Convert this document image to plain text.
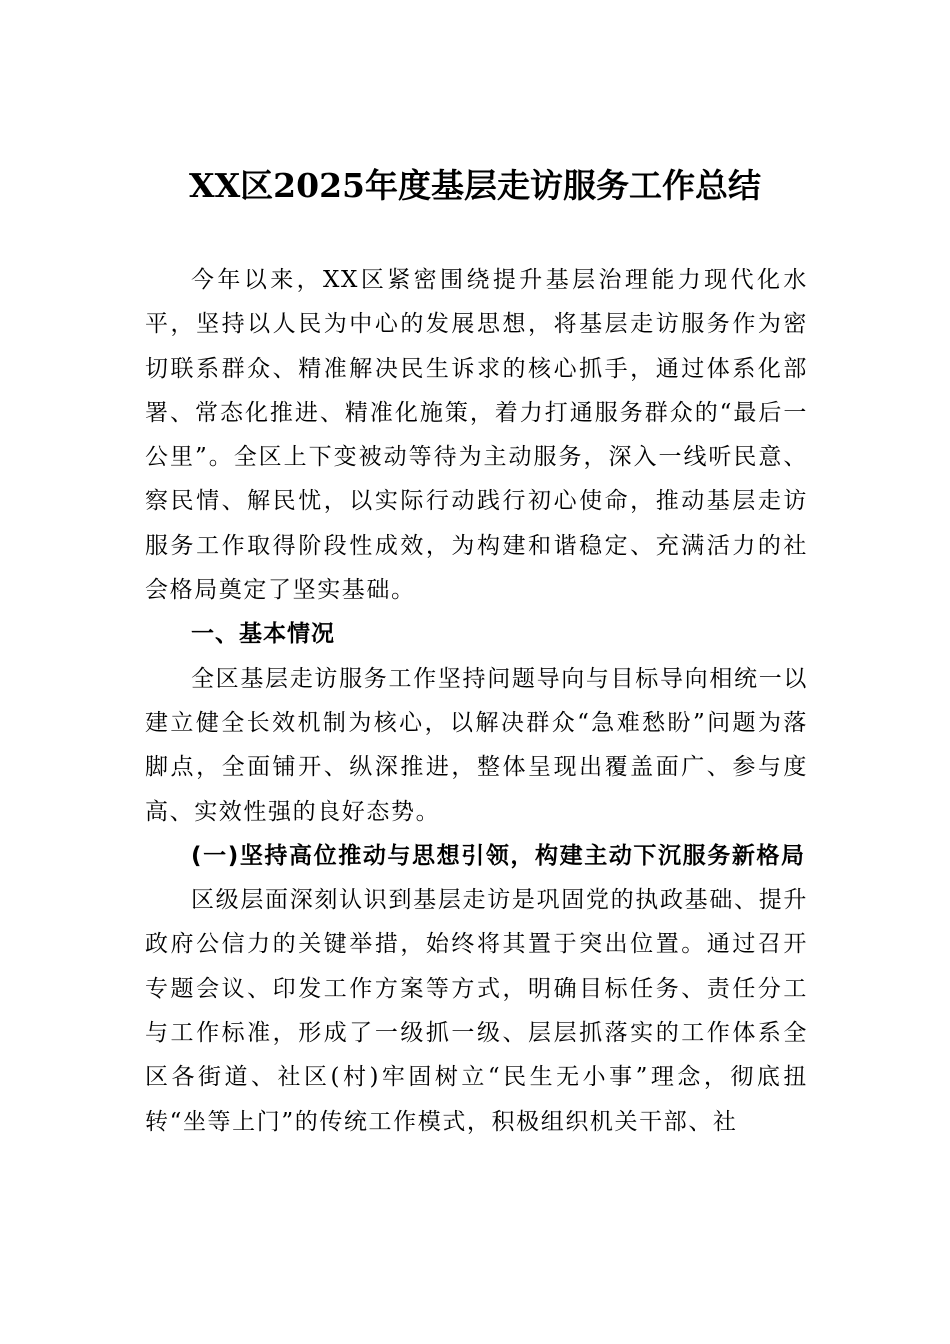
XX区2025年度基层走访服务工作总结

今年以来，XX区紧密围绕提升基层治理能力现代化水平，坚持以人民为中心的发展思想，将基层走访服务作为密切联系群众、精准解决民生诉求的核心抓手，通过体系化部署、常态化推进、精准化施策，着力打通服务群众的“最后一公里”。全区上下变被动等待为主动服务，深入一线听民意、察民情、解民忧，以实际行动践行初心使命，推动基层走访服务工作取得阶段性成效，为构建和谐稳定、充满活力的社会格局奠定了坚实基础。

一、基本情况

全区基层走访服务工作坚持问题导向与目标导向相统一以建立健全长效机制为核心，以解决群众“急难愁盼”问题为落脚点，全面铺开、纵深推进，整体呈现出覆盖面广、参与度高、实效性强的良好态势。

(一)坚持高位推动与思想引领，构建主动下沉服务新格局

区级层面深刻认识到基层走访是巩固党的执政基础、提升政府公信力的关键举措，始终将其置于突出位置。通过召开专题会议、印发工作方案等方式，明确目标任务、责任分工与工作标准，形成了一级抓一级、层层抓落实的工作体系全区各街道、社区(村)牢固树立“民生无小事”理念，彻底扭转“坐等上门”的传统工作模式，积极组织机关干部、社
